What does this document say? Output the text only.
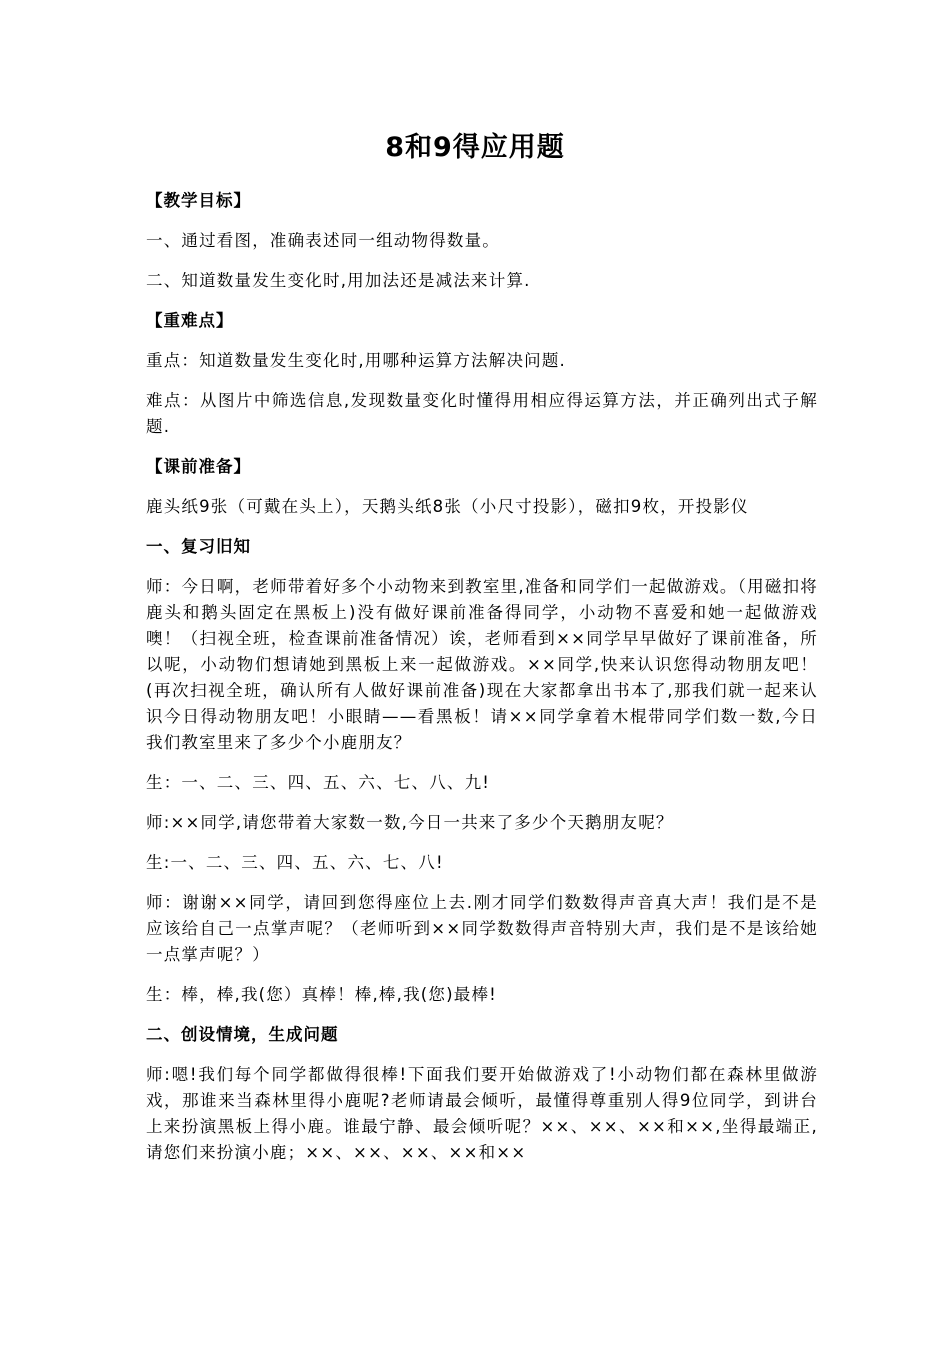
8和9得应用题
【教学目标】
一、通过看图，准确表述同一组动物得数量。
二、知道数量发生变化时,用加法还是减法来计算.
【重难点】
重点：知道数量发生变化时,用哪种运算方法解决问题.
难点：从图片中筛选信息,发现数量变化时懂得用相应得运算方法，并正确列出式子解题.
【课前准备】
鹿头纸9张（可戴在头上），天鹅头纸8张（小尺寸投影），磁扣9枚，开投影仪
一、复习旧知
师：今日啊，老师带着好多个小动物来到教室里,准备和同学们一起做游戏。（用磁扣将鹿头和鹅头固定在黑板上)没有做好课前准备得同学，小动物不喜爱和她一起做游戏噢！（扫视全班，检查课前准备情况）诶，老师看到××同学早早做好了课前准备，所以呢，小动物们想请她到黑板上来一起做游戏。××同学,快来认识您得动物朋友吧！(再次扫视全班，确认所有人做好课前准备)现在大家都拿出书本了,那我们就一起来认识今日得动物朋友吧！小眼睛——看黑板！请××同学拿着木棍带同学们数一数,今日我们教室里来了多少个小鹿朋友？
生：一、二、三、四、五、六、七、八、九!
师:××同学,请您带着大家数一数,今日一共来了多少个天鹅朋友呢？
生:一、二、三、四、五、六、七、八!
师：谢谢××同学，请回到您得座位上去.刚才同学们数数得声音真大声！我们是不是应该给自己一点掌声呢？（老师听到××同学数数得声音特别大声，我们是不是该给她一点掌声呢？）
生：棒，棒,我(您）真棒！棒,棒,我(您)最棒!
二、创设情境，生成问题
师:嗯!我们每个同学都做得很棒!下面我们要开始做游戏了!小动物们都在森林里做游戏，那谁来当森林里得小鹿呢?老师请最会倾听，最懂得尊重别人得9位同学，到讲台上来扮演黑板上得小鹿。谁最宁静、最会倾听呢？××、××、××和××,坐得最端正,请您们来扮演小鹿；××、××、××、××和××
